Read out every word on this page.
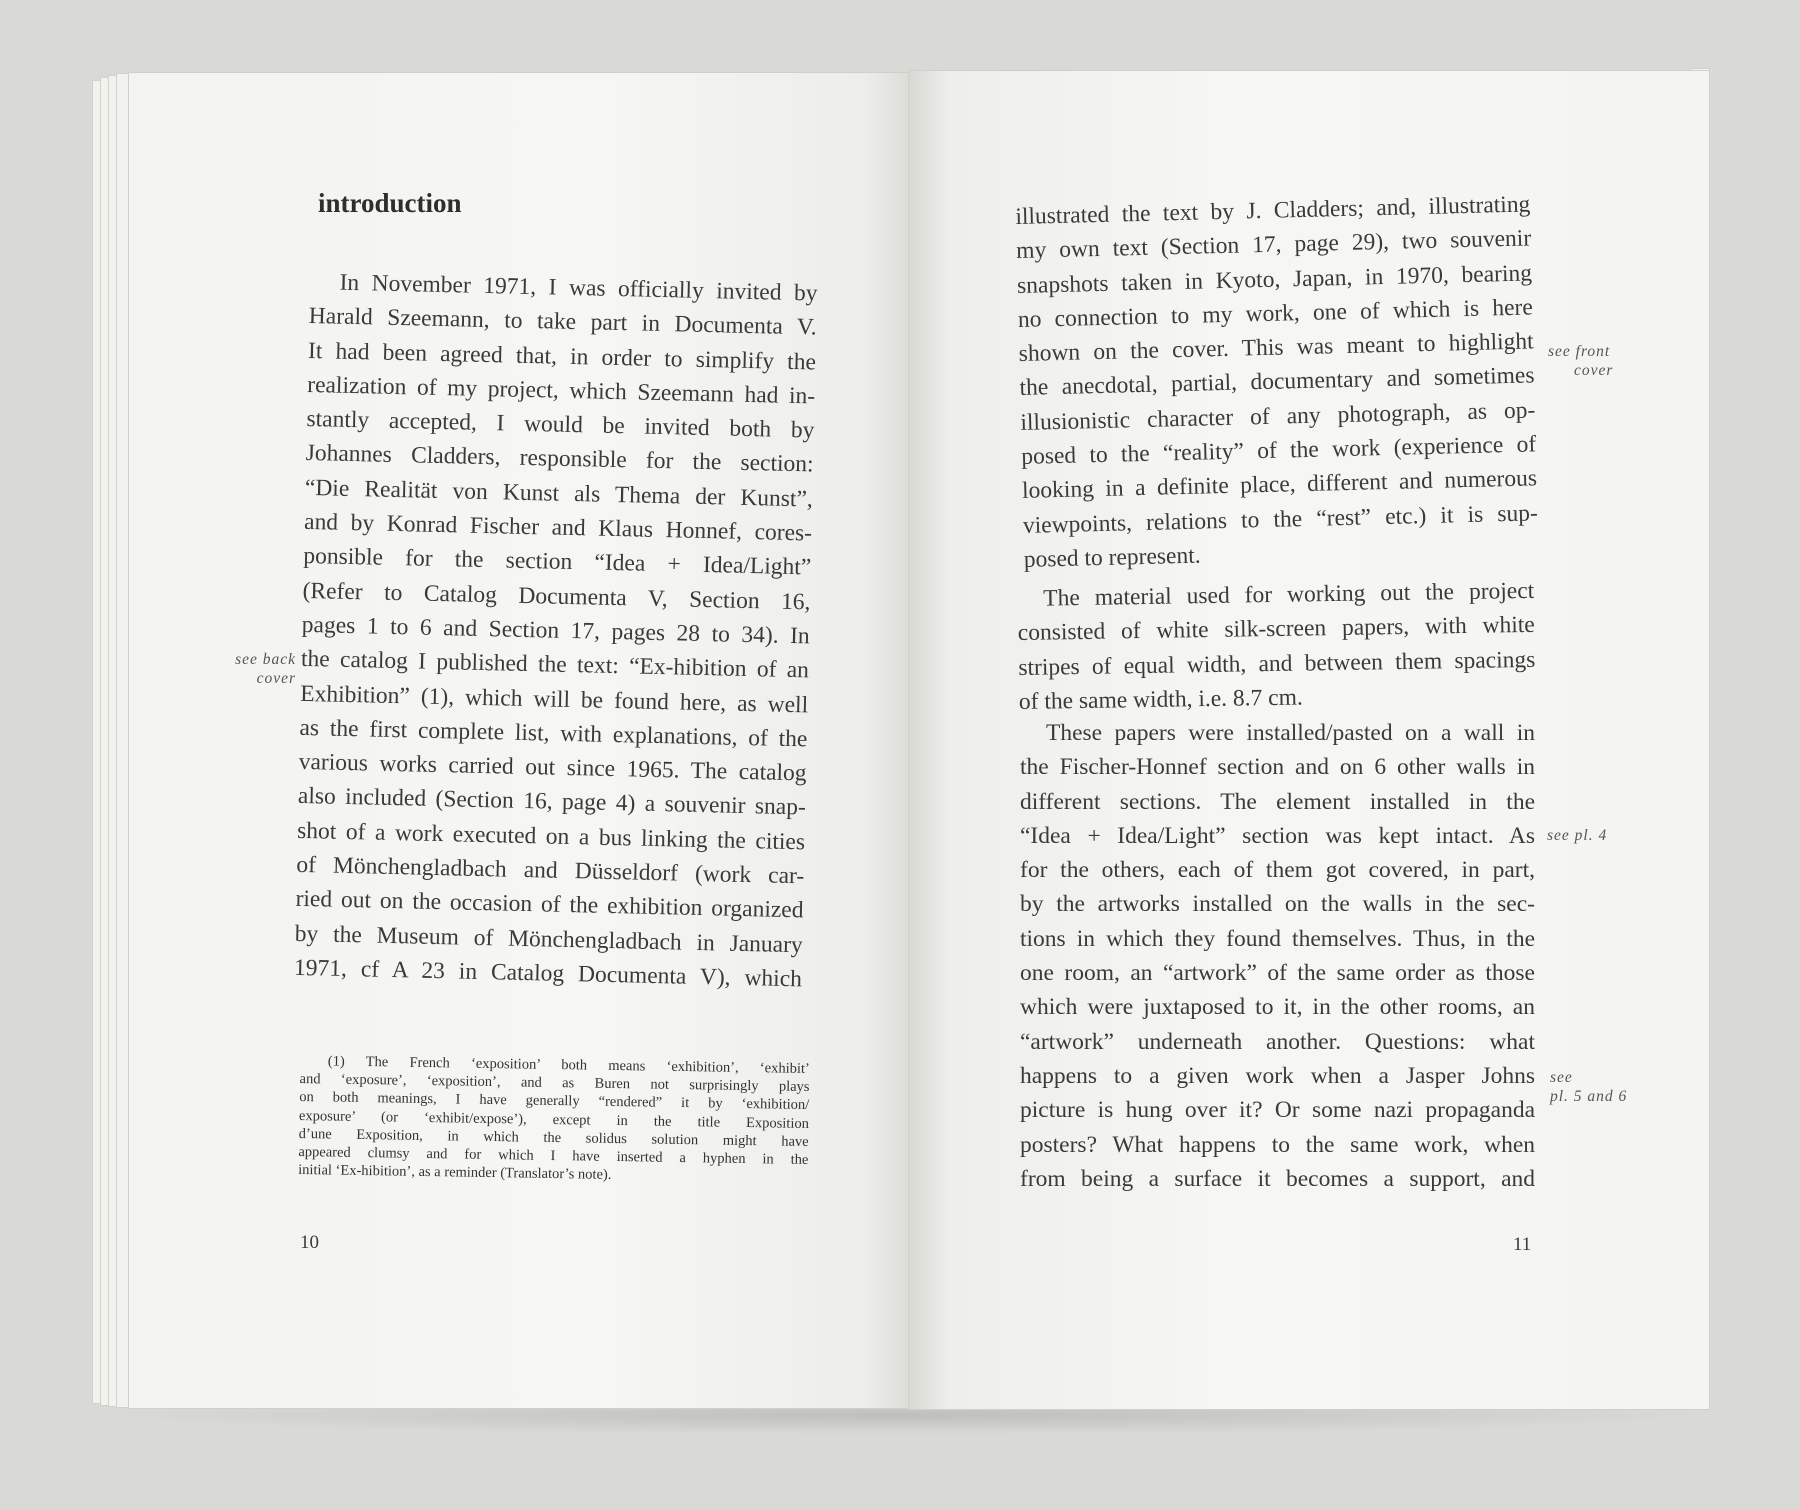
introduction
In November 1971, I was officially invited by
Harald Szeemann, to take part in Documenta V.
It had been agreed that, in order to simplify the
realization of my project, which Szeemann had in-
stantly accepted, I would be invited both by
Johannes Cladders, responsible for the section:
“Die Realität von Kunst als Thema der Kunst”,
and by Konrad Fischer and Klaus Honnef, cores-
ponsible for the section “Idea + Idea/Light”
(Refer to Catalog Documenta V, Section 16,
pages 1 to 6 and Section 17, pages 28 to 34). In
the catalog I published the text: “Ex-hibition of an
Exhibition” (1), which will be found here, as well
as the first complete list, with explanations, of the
various works carried out since 1965. The catalog
also included (Section 16, page 4) a souvenir snap-
shot of a work executed on a bus linking the cities
of Mönchengladbach and Düsseldorf (work car-
ried out on the occasion of the exhibition organized
by the Museum of Mönchengladbach in January
1971, cf A 23 in Catalog Documenta V), which
see back
cover
(1) The French ‘exposition’ both means ‘exhibition’, ‘exhibit’
and ‘exposure’, ‘exposition’, and as Buren not surprisingly plays
on both meanings, I have generally “rendered” it by ‘exhibition/
exposure’ (or ‘exhibit/expose’), except in the title Exposition
d’une Exposition, in which the solidus solution might have
appeared clumsy and for which I have inserted a hyphen in the
initial ‘Ex-hibition’, as a reminder (Translator’s note).
10
illustrated the text by J. Cladders; and, illustrating
my own text (Section 17, page 29), two souvenir
snapshots taken in Kyoto, Japan, in 1970, bearing
no connection to my work, one of which is here
shown on the cover. This was meant to highlight
the anecdotal, partial, documentary and sometimes
illusionistic character of any photograph, as op-
posed to the “reality” of the work (experience of
looking in a definite place, different and numerous
viewpoints, relations to the “rest” etc.) it is sup-
posed to represent.
The material used for working out the project
consisted of white silk-screen papers, with white
stripes of equal width, and between them spacings
of the same width, i.e. 8.7 cm.
These papers were installed/pasted on a wall in
the Fischer-Honnef section and on 6 other walls in
different sections. The element installed in the
“Idea + Idea/Light” section was kept intact. As
for the others, each of them got covered, in part,
by the artworks installed on the walls in the sec-
tions in which they found themselves. Thus, in the
one room, an “artwork” of the same order as those
which were juxtaposed to it, in the other rooms, an
“artwork” underneath another. Questions: what
happens to a given work when a Jasper Johns
picture is hung over it? Or some nazi propaganda
posters? What happens to the same work, when
from being a surface it becomes a support, and
see front
cover
see pl. 4
see
pl. 5 and 6
11
